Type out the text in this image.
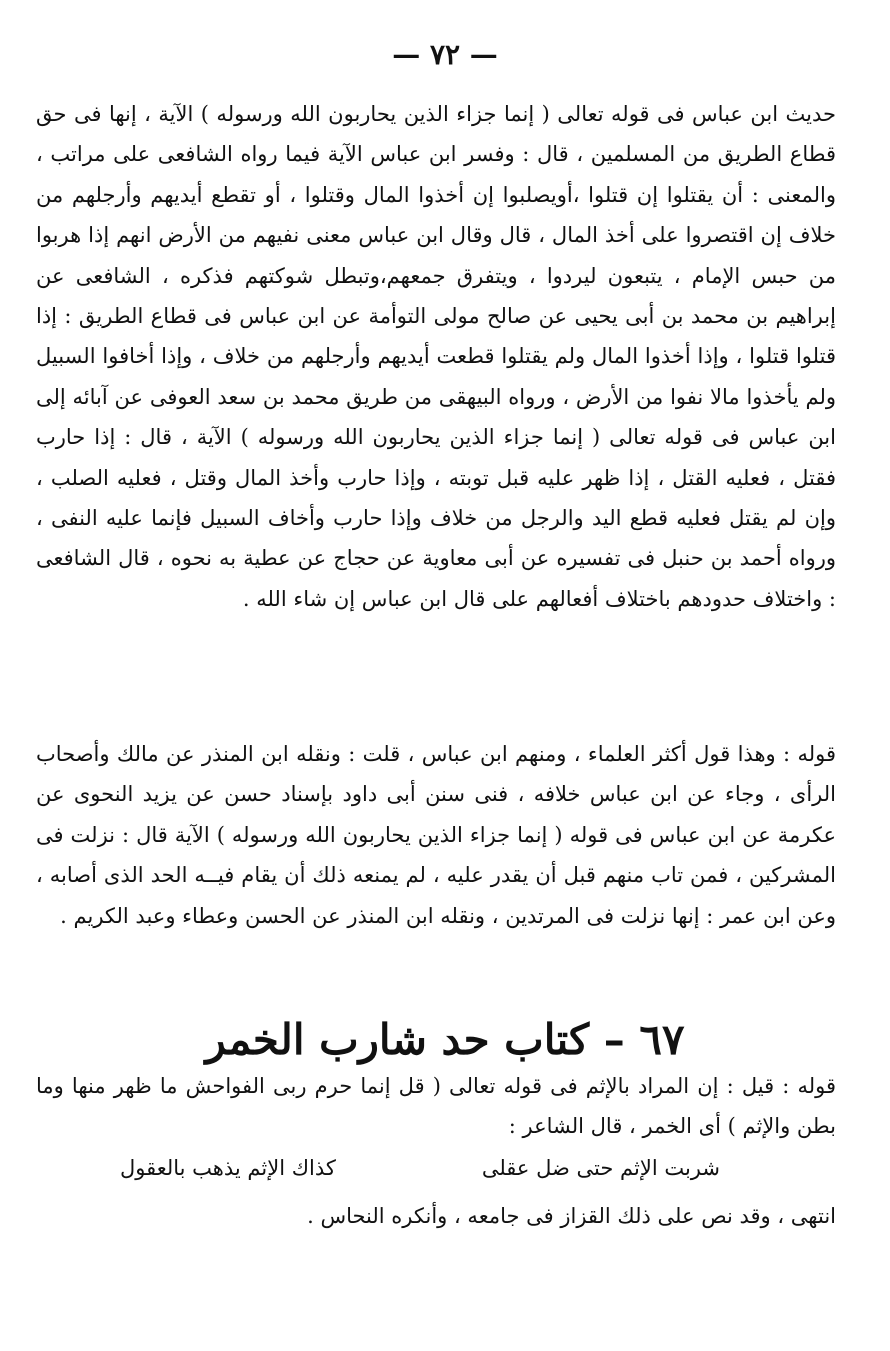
— ٧٢ —

حديث ابن عباس فى قوله تعالى ( إنما جزاء الذين يحاربون الله ورسوله ) الآية ، إنها فى حق قطاع الطريق من المسلمين ، قال : وفسر ابن عباس الآية فيما رواه الشافعى على مراتب ، والمعنى : أن يقتلوا إن قتلوا ،أويصلبوا إن أخذوا المال وقتلوا ، أو تقطع أيديهم وأرجلهم من خلاف إن اقتصروا على أخذ المال ، قال وقال ابن عباس معنى نفيهم من الأرض انهم إذا هربوا من حبس الإمام ، يتبعون ليردوا ، ويتفرق جمعهم،وتبطل شوكتهم فذكره ، الشافعى عن إبراهيم بن محمد بن أبى يحيى عن صالح مولى التوأمة عن ابن عباس فى قطاع الطريق : إذا قتلوا قتلوا ، وإذا أخذوا المال ولم يقتلوا قطعت أيديهم وأرجلهم من خلاف ، وإذا أخافوا السبيل ولم يأخذوا مالا نفوا من الأرض ، ورواه البيهقى من طريق محمد بن سعد العوفى عن آبائه إلى ابن عباس فى قوله تعالى ( إنما جزاء الذين يحاربون الله ورسوله ) الآية ، قال : إذا حارب فقتل ، فعليه القتل ، إذا ظهر عليه قبل توبته ، وإذا حارب وأخذ المال وقتل ، فعليه الصلب ، وإن لم يقتل فعليه قطع اليد والرجل من خلاف وإذا حارب وأخاف السبيل فإنما عليه النفى ، ورواه أحمد بن حنبل فى تفسيره عن أبى معاوية عن حجاج عن عطية به نحوه ، قال الشافعى : واختلاف حدودهم باختلاف أفعالهم على قال ابن عباس إن شاء الله .

قوله : وهذا قول أكثر العلماء ، ومنهم ابن عباس ، قلت : ونقله ابن المنذر عن مالك وأصحاب الرأى ، وجاء عن ابن عباس خلافه ، فنى سنن أبى داود بإسناد حسن عن يزيد النحوى عن عكرمة عن ابن عباس فى قوله ( إنما جزاء الذين يحاربون الله ورسوله ) الآية قال : نزلت فى المشركين ، فمن تاب منهم قبل أن يقدر عليه ، لم يمنعه ذلك أن يقام فيــه الحد الذى أصابه ، وعن ابن عمر : إنها نزلت فى المرتدين ، ونقله ابن المنذر عن الحسن وعطاء وعبد الكريم .

٦٧ – كتاب حد شارب الخمر

قوله : قيل : إن المراد بالإثم فى قوله تعالى ( قل إنما حرم ربى الفواحش ما ظهر منها وما بطن والإثم ) أى الخمر ، قال الشاعر :

شربت الإثم حتى ضل عقلى
كذاك الإثم يذهب بالعقول

انتهى ، وقد نص على ذلك القزاز فى جامعه ، وأنكره النحاس .
